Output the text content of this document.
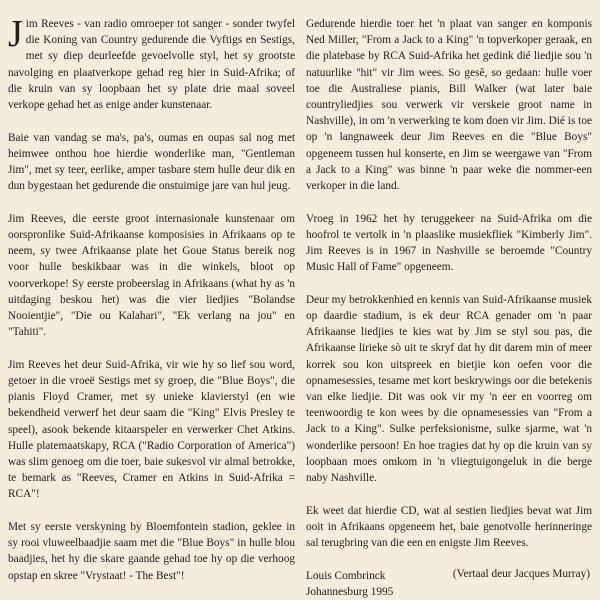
Jim Reeves - van radio omroeper tot sanger - sonder twyfel die Koning van Country gedurende die Vyftigs en Sestigs, met sy diep deurleefde gevoelvolle styl, het sy grootste navolging en plaatverkope gehad reg hier in Suid-Afrika; of die kruin van sy loopbaan het sy plate drie maal soveel verkope gehad het as enige ander kunstenaar.

Baie van vandag se ma's, pa's, oumas en oupas sal nog met heimwee onthou hoe hierdie wonderlike man, "Gentleman Jim", met sy teer, eerlike, amper tasbare stem hulle deur dik en dun bygestaan het gedurende die onstuimige jare van hul jeug.

Jim Reeves, die eerste groot internasionale kunstenaar om oorspronlike Suid-Afrikaanse komposisies in Afrikaans op te neem, sy twee Afrikaanse plate het Goue Status bereik nog voor hulle beskikbaar was in die winkels, bloot op voorverkope! Sy eerste probeerslag in Afrikaans (what hy as 'n uitdaging beskou het) was die vier liedjies "Bolandse Nooientjie", "Die ou Kalahari", "Ek verlang na jou" en "Tahiti".

Jim Reeves het deur Suid-Afrika, vir wie hy so lief sou word, getoer in die vroeë Sestigs met sy groep, die "Blue Boys", die pianis Floyd Cramer, met sy unieke klavierstyl (en wie bekendheid verwerf het deur saam die "King" Elvis Presley te speel), asook bekende kitaarspeler en verwerker Chet Atkins. Hulle platemaatskapy, RCA ("Radio Corporation of America") was slim genoeg om die toer, baie sukesvol vir almal betrokke, te bemark as "Reeves, Cramer en Atkins in Suid-Afrika = RCA"!

Met sy eerste verskyning by Bloemfontein stadion, geklee in sy rooi vluweelbaadjie saam met die "Blue Boys" in hulle blou baadjies, het hy die skare gaande gehad toe hy op die verhoog opstap en skree "Vrystaat! - The Best"!

Gedurende hierdie toer het 'n plaat van sanger en komponis Ned Miller, "From a Jack to a King" 'n topverkoper geraak, en die platebase by RCA Suid-Afrika het gedink dié liedjie sou 'n natuurlike "hit" vir Jim wees. So gesê, so gedaan: hulle voer toe die Australiese pianis, Bill Walker (wat later baie countryliedjies sou verwerk vir verskeie groot name in Nashville), in om 'n verwerking te kom doen vir Jim. Dié is toe op 'n langnaweek deur Jim Reeves en die "Blue Boys" opgeneem tussen hul konserte, en Jim se weergawe van "From a Jack to a King" was binne 'n paar weke die nommer-een verkoper in die land.

Vroeg in 1962 het hy teruggekeer na Suid-Afrika om die hoofrol te vertolk in 'n plaaslike musiekfliek "Kimberly Jim". Jim Reeves is in 1967 in Nashville se beroemde "Country Music Hall of Fame" opgeneem.

Deur my betrokkenhied en kennis van Suid-Afrikaanse musiek op daardie stadium, is ek deur RCA genader om 'n paar Afrikaanse liedjies te kies wat by Jim se styl sou pas, die Afrikaanse lirieke sò uit te skryf dat hy dit darem min of meer korrek sou kon uitspreek en bietjie kon oefen voor die opnamesessies, tesame met kort beskrywings oor die betekenis van elke liedjie. Dit was ook vir my 'n eer en voorreg om teenwoordig te kon wees by die opnamesessies van "From a Jack to a King". Sulke perfeksionisme, sulke sjarme, wat 'n wonderlike persoon! En hoe tragies dat hy op die kruin van sy loopbaan moes omkom in 'n vliegtuigongeluk in die berge naby Nashville.

Ek weet dat hierdie CD, wat al sestien liedjies bevat wat Jim ooit in Afrikaans opgeneem het, baie genotvolle herinneringe sal terugbring van die een en enigste Jim Reeves.

Louis Combrinck

Johannesburg 1995

(Vertaal deur Jacques Murray)
